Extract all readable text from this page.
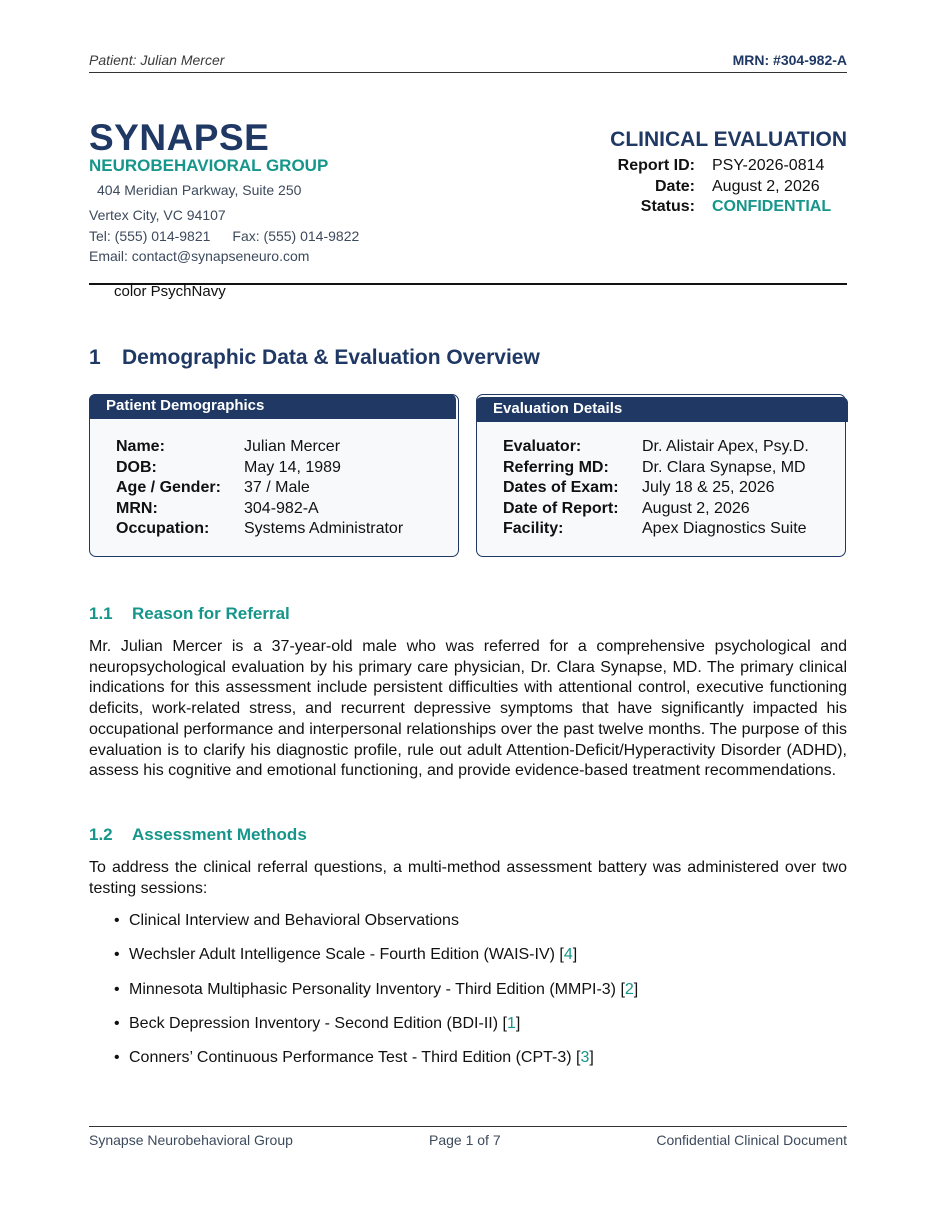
Patient: Julian Mercer	MRN: #304-982-A
SYNAPSE
NEUROBEHAVIORAL GROUP
404 Meridian Parkway, Suite 250
Vertex City, VC 94107
Tel: (555) 014-9821 Fax: (555) 014-9822
Email: contact@synapseneuro.com
CLINICAL EVALUATION
Report ID: PSY-2026-0814
Date: August 2, 2026
Status: CONFIDENTIAL
color PsychNavy
1 Demographic Data & Evaluation Overview
Patient Demographics
Name:	Julian Mercer
DOB:	May 14, 1989
Age / Gender: 37 / Male
MRN:	304-982-A
Occupation: Systems Administrator
Evaluation Details
Evaluator:	Dr. Alistair Apex, Psy.D.
Referring MD: Dr. Clara Synapse, MD
Dates of Exam: July 18 & 25, 2026
Date of Report: August 2, 2026
Facility:	Apex Diagnostics Suite
1.1 Reason for Referral
Mr. Julian Mercer is a 37-year-old male who was referred for a comprehensive psychological and neuropsychological evaluation by his primary care physician, Dr. Clara Synapse, MD. The primary clinical indications for this assessment include persistent difficulties with attentional control, executive functioning deficits, work-related stress, and recurrent depressive symptoms that have significantly impacted his occupational performance and interpersonal relationships over the past twelve months. The purpose of this evaluation is to clarify his diagnostic profile, rule out adult Attention-Deficit/Hyperactivity Disorder (ADHD), assess his cognitive and emotional functioning, and provide evidence-based treatment recommendations.
1.2 Assessment Methods
To address the clinical referral questions, a multi-method assessment battery was administered over two testing sessions:
• Clinical Interview and Behavioral Observations
• Wechsler Adult Intelligence Scale - Fourth Edition (WAIS-IV) [4]
• Minnesota Multiphasic Personality Inventory - Third Edition (MMPI-3) [2]
• Beck Depression Inventory - Second Edition (BDI-II) [1]
• Conners’ Continuous Performance Test - Third Edition (CPT-3) [3]
Synapse Neurobehavioral Group	Page 1 of 7	Confidential Clinical Document
